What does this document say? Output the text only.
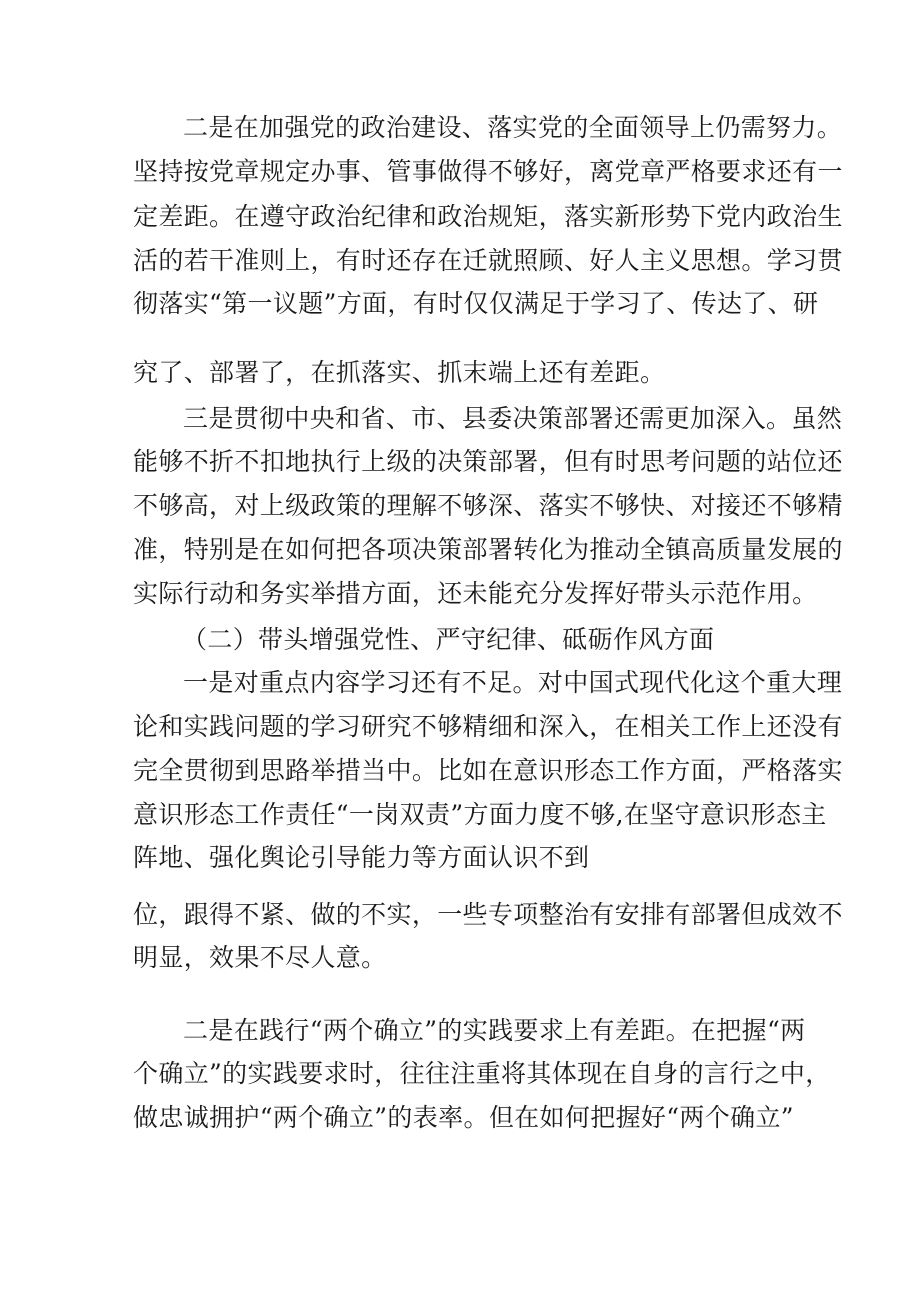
二是在加强党的政治建设、落实党的全面领导上仍需努力。
坚持按党章规定办事、管事做得不够好，离党章严格要求还有一
定差距。在遵守政治纪律和政治规矩，落实新形势下党内政治生
活的若干准则上，有时还存在迁就照顾、好人主义思想。学习贯
彻落实“第一议题”方面，有时仅仅满足于学习了、传达了、研
究了、部署了，在抓落实、抓末端上还有差距。
三是贯彻中央和省、市、县委决策部署还需更加深入。虽然
能够不折不扣地执行上级的决策部署，但有时思考问题的站位还
不够高，对上级政策的理解不够深、落实不够快、对接还不够精
准，特别是在如何把各项决策部署转化为推动全镇高质量发展的
实际行动和务实举措方面，还未能充分发挥好带头示范作用。
（二）带头增强党性、严守纪律、砥砺作风方面
一是对重点内容学习还有不足。对中国式现代化这个重大理
论和实践问题的学习研究不够精细和深入，在相关工作上还没有
完全贯彻到思路举措当中。比如在意识形态工作方面，严格落实
意识形态工作责任“一岗双责”方面力度不够,在坚守意识形态主
阵地、强化舆论引导能力等方面认识不到
位，跟得不紧、做的不实，一些专项整治有安排有部署但成效不
明显，效果不尽人意。
二是在践行“两个确立”的实践要求上有差距。在把握“两
个确立”的实践要求时，往往注重将其体现在自身的言行之中，
做忠诚拥护“两个确立”的表率。但在如何把握好“两个确立”
